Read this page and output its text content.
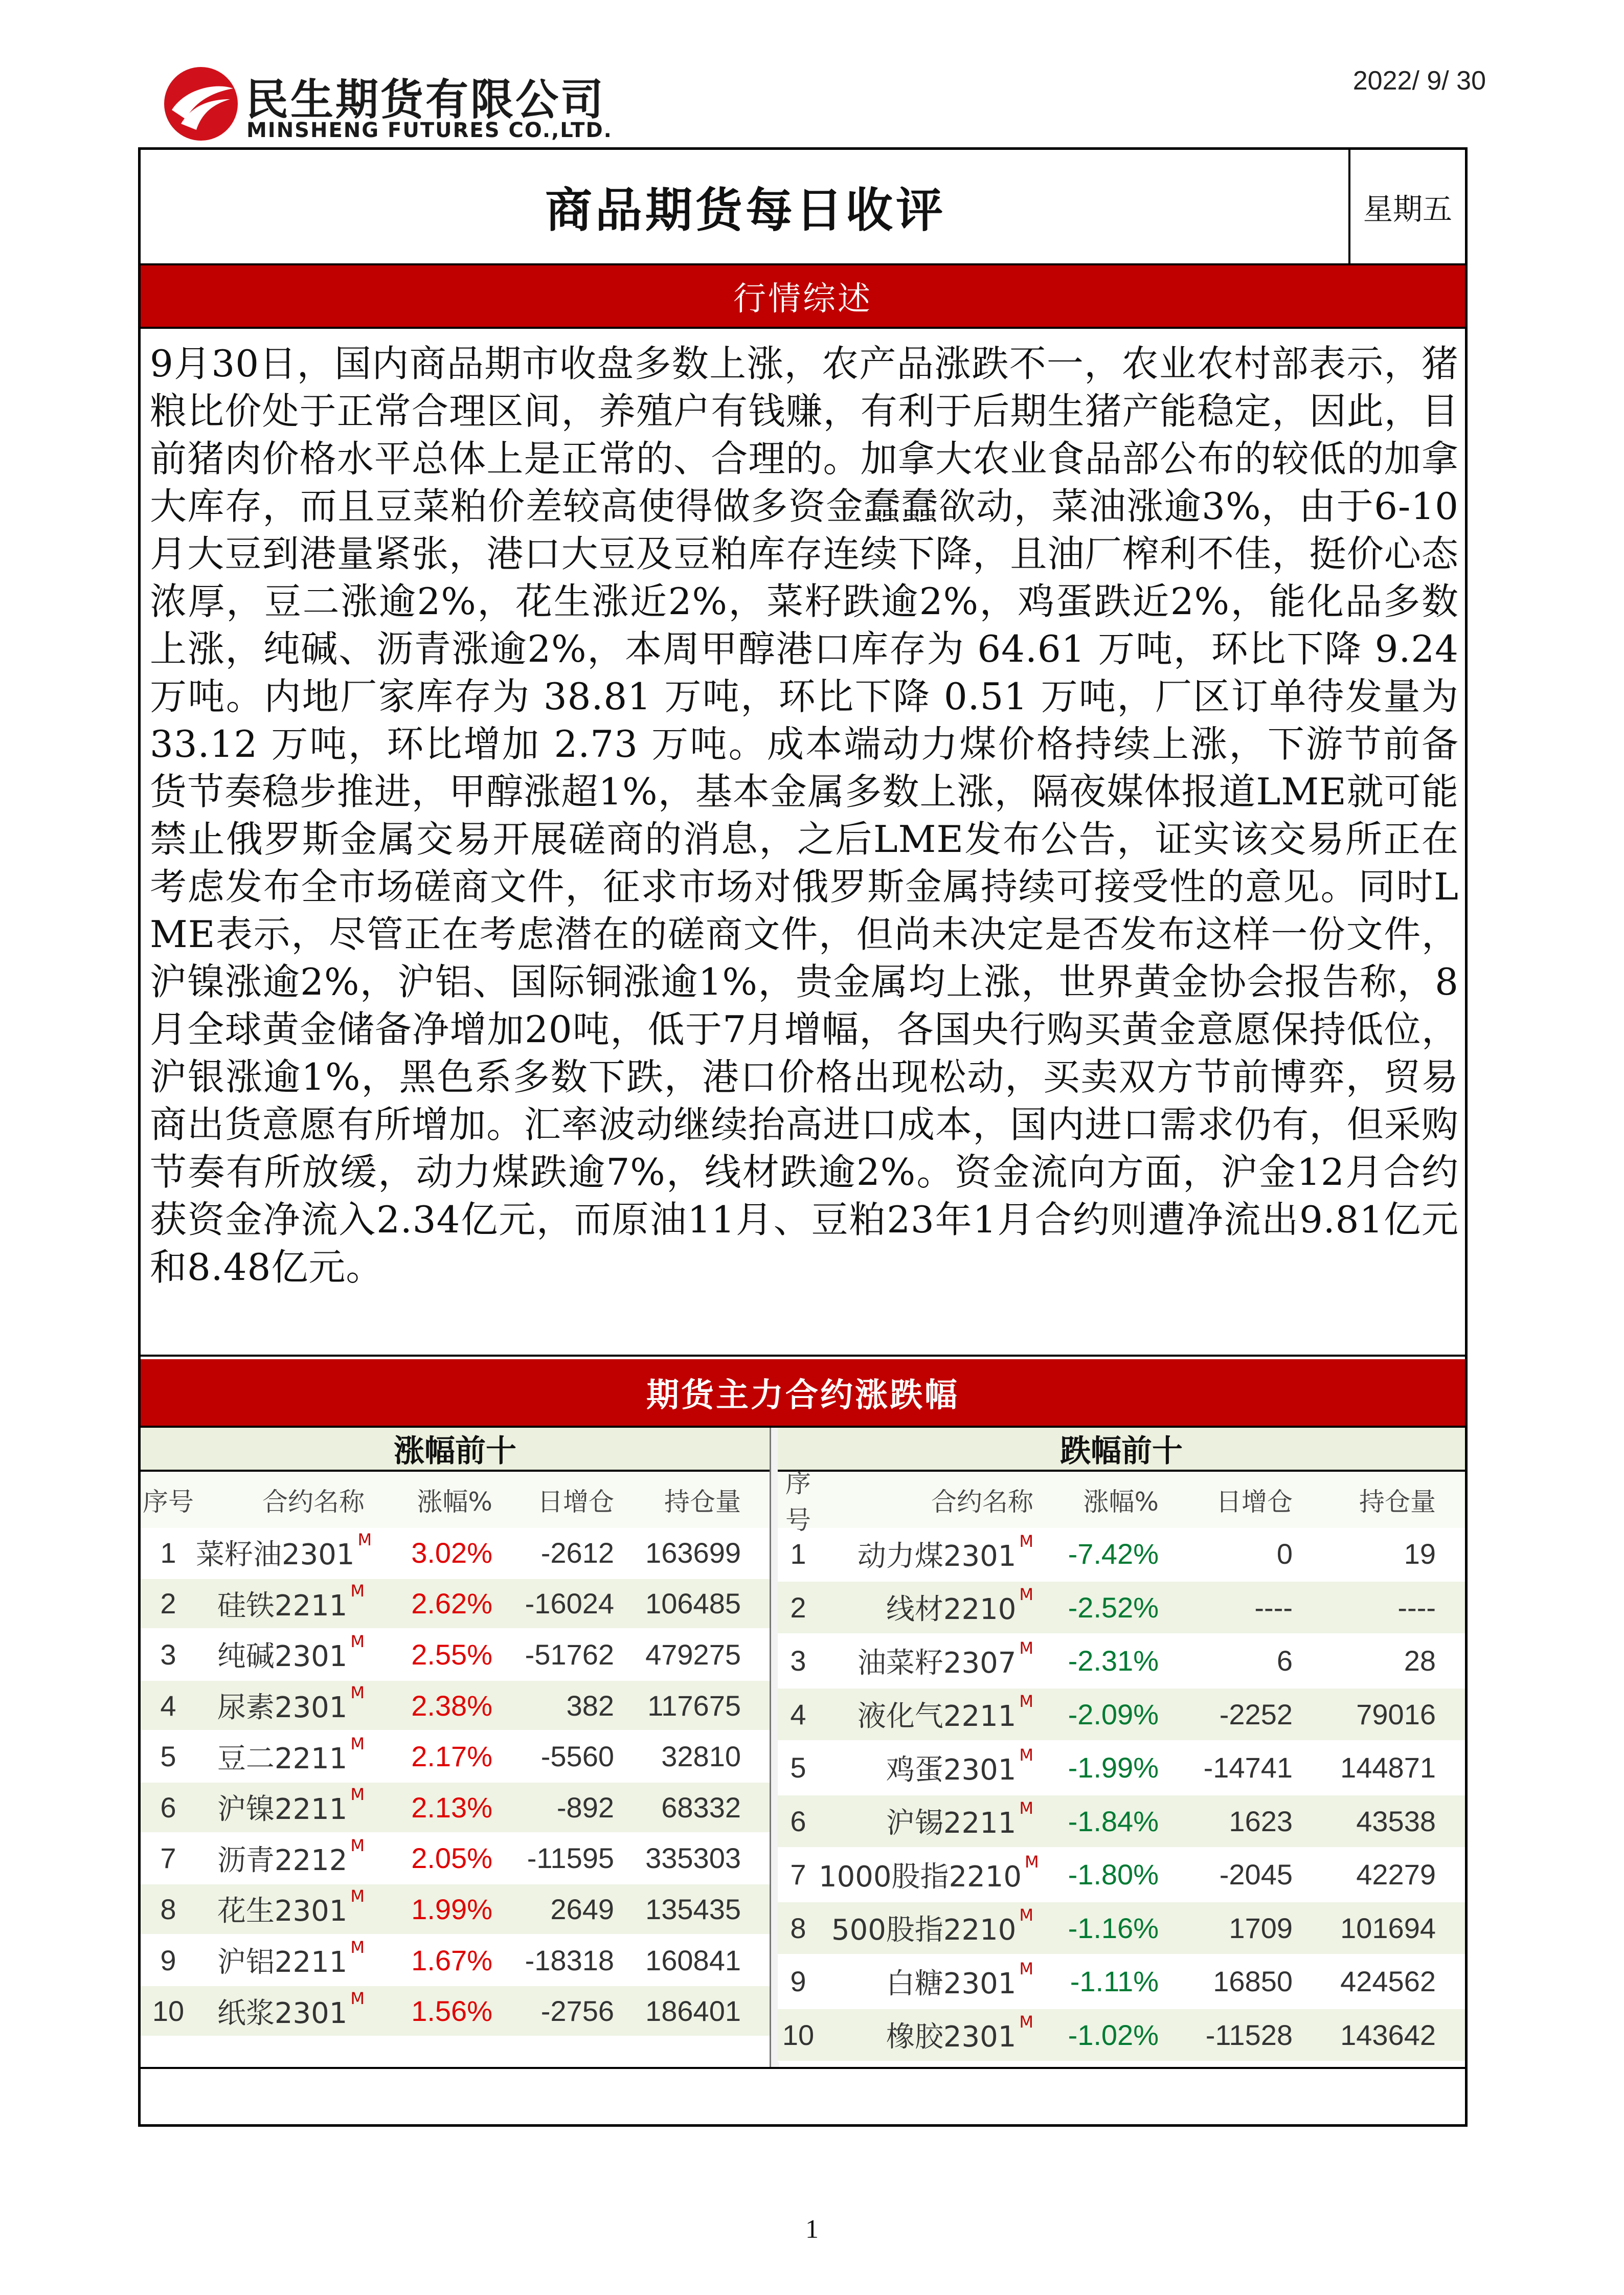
民生期货有限公司
MINSHENG FUTURES CO.,LTD.
2022/ 9/ 30
商品期货每日收评	星期五
行情综述
9月30日，国内商品期市收盘多数上涨，农产品涨跌不一，农业农村部表示，猪粮比价处于正常合理区间，养殖户有钱赚，有利于后期生猪产能稳定，因此，目前猪肉价格水平总体上是正常的、合理的。加拿大农业食品部公布的较低的加拿大库存，而且豆菜粕价差较高使得做多资金蠢蠢欲动，菜油涨逾3%，由于6-10月大豆到港量紧张，港口大豆及豆粕库存连续下降，且油厂榨利不佳，挺价心态浓厚，豆二涨逾2%，花生涨近2%，菜籽跌逾2%，鸡蛋跌近2%，能化品多数上涨，纯碱、沥青涨逾2%，本周甲醇港口库存为 64.61 万吨，环比下降 9.24 万吨。内地厂家库存为 38.81 万吨，环比下降 0.51 万吨，厂区订单待发量为 33.12 万吨，环比增加 2.73 万吨。成本端动力煤价格持续上涨，下游节前备货节奏稳步推进，甲醇涨超1%，基本金属多数上涨，隔夜媒体报道LME就可能禁止俄罗斯金属交易开展磋商的消息，之后LME发布公告，证实该交易所正在考虑发布全市场磋商文件，征求市场对俄罗斯金属持续可接受性的意见。同时LME表示，尽管正在考虑潜在的磋商文件，但尚未决定是否发布这样一份文件，沪镍涨逾2%，沪铝、国际铜涨逾1%，贵金属均上涨，世界黄金协会报告称，8月全球黄金储备净增加20吨，低于7月增幅，各国央行购买黄金意愿保持低位，沪银涨逾1%，黑色系多数下跌，港口价格出现松动，买卖双方节前博弈，贸易商出货意愿有所增加。汇率波动继续抬高进口成本，国内进口需求仍有，但采购节奏有所放缓，动力煤跌逾7%，线材跌逾2%。资金流向方面，沪金12月合约获资金净流入2.34亿元，而原油11月、豆粕23年1月合约则遭净流出9.81亿元和8.48亿元。
期货主力合约涨跌幅
涨幅前十
序号	合约名称	涨幅%	日增仓	持仓量
1 菜籽油2301 $^M$	3.02%	-2612	163699
2	硅铁2211 $^M$	2.62%	-16024	106485
3	纯碱2301 $^M$	2.55%	-51762	479275
4	尿素2301 $^M$	2.38%	382	117675
5	豆二2211 $^M$	2.17%	-5560	32810
6	沪镍2211 $^M$	2.13%	-892	68332
7	沥青2212 $^M$	2.05%	-11595	335303
8	花生2301 $^M$	1.99%	2649	135435
9	沪铝2211 $^M$	1.67%	-18318	160841
10	纸浆2301 $^M$	1.56%	-2756	186401
跌幅前十
序号
合约名称	涨幅%	日增仓	持仓量
1	动力煤2301 $^M$	-7.42%	0	19
2	线材2210 $^M$	-2.52%	----	----
3	油菜籽2307 $^M$	-2.31%	6	28
4	液化气2211 $^M$	-2.09%	-2252	79016
5	鸡蛋2301 $^M$	-1.99%	-14741	144871
6	沪锡2211 $^M$	-1.84%	1623	43538
7 1000股指2210 $^M$	-1.80%	-2045	42279
8 500股指2210 $^M$	-1.16%	1709	101694
9	白糖2301 $^M$	-1.11%	16850	424562
10	橡胶2301 $^M$	-1.02%	-11528	143642
1
